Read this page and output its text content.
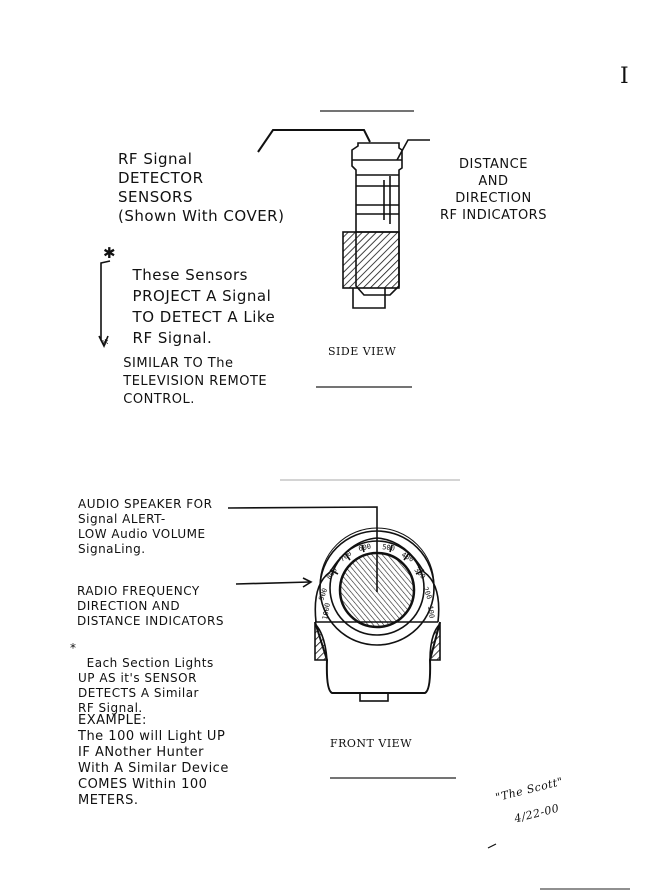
1000
900
800
700
600 500
400
300
200
100
I
RF Signal
DETECTOR
SENSORS
(Shown With COVER)
DISTANCE
AND
DIRECTION
RF INDICATORS

✱
These Sensors
PROJECT A Signal
TO DETECT A Like
RF Signal.

*
SIMILAR TO The
TELEVISION REMOTE
CONTROL.

SIDE VIEW
AUDIO SPEAKER FOR
Signal ALERT-
LOW Audio VOLUME
SignaLing.
RADIO FREQUENCY
DIRECTION AND
DISTANCE INDICATORS

*
Each Section Lights
UP AS it's SENSOR
DETECTS A Similar
RF Signal.

EXAMPLE:
The 100 will Light UP
IF ANother Hunter
With A Similar Device
COMES Within 100
METERS.
FRONT VIEW
"The Scott"
4/22-00
